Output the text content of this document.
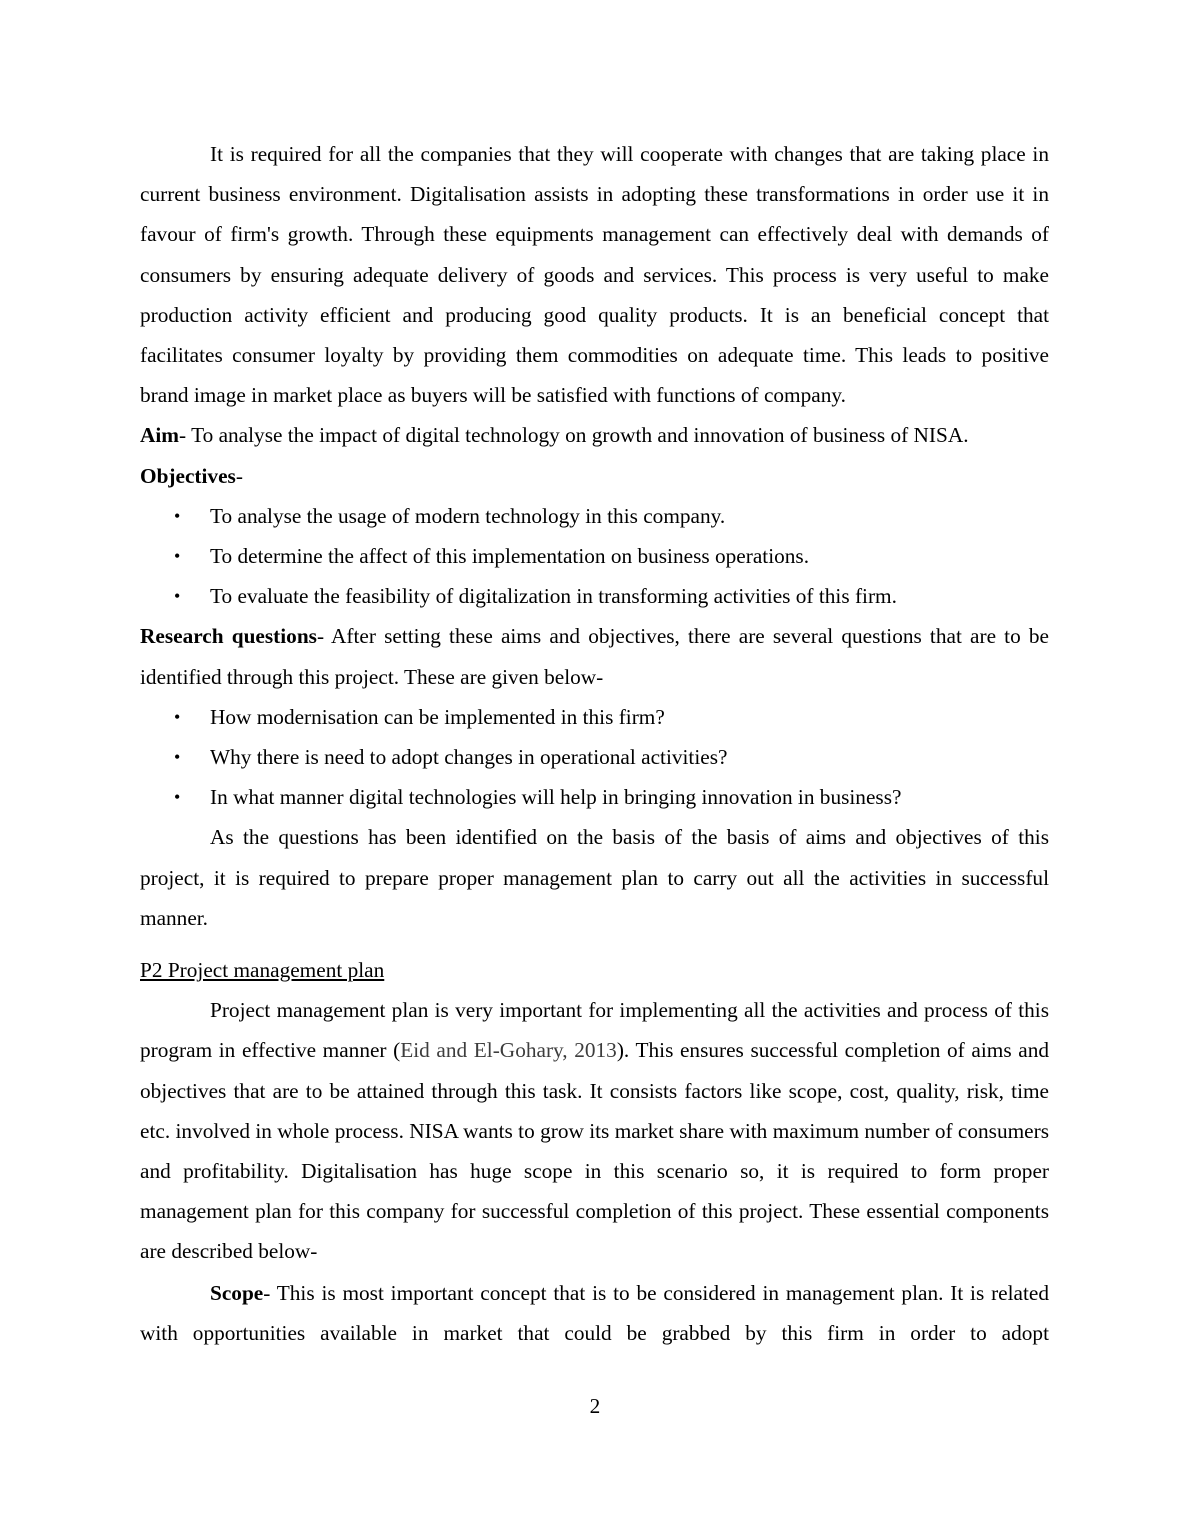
It is required for all the companies that they will cooperate with changes that are taking place in current business environment. Digitalisation assists in adopting these transformations in order use it in favour of firm's growth. Through these equipments management can effectively deal with demands of consumers by ensuring adequate delivery of goods and services. This process is very useful to make production activity efficient and producing good quality products. It is an beneficial concept that facilitates consumer loyalty by providing them commodities on adequate time. This leads to positive brand image in market place as buyers will be satisfied with functions of company.

Aim- To analyse the impact of digital technology on growth and innovation of business of NISA.

Objectives-

• To analyse the usage of modern technology in this company.
• To determine the affect of this implementation on business operations.
• To evaluate the feasibility of digitalization in transforming activities of this firm.

Research questions- After setting these aims and objectives, there are several questions that are to be identified through this project. These are given below-

• How modernisation can be implemented in this firm?
• Why there is need to adopt changes in operational activities?
• In what manner digital technologies will help in bringing innovation in business?

As the questions has been identified on the basis of the basis of aims and objectives of this project, it is required to prepare proper management plan to carry out all the activities in successful manner.

P2 Project management plan

Project management plan is very important for implementing all the activities and process of this program in effective manner (Eid and El-Gohary, 2013). This ensures successful completion of aims and objectives that are to be attained through this task. It consists factors like scope, cost, quality, risk, time etc. involved in whole process. NISA wants to grow its market share with maximum number of consumers and profitability. Digitalisation has huge scope in this scenario so, it is required to form proper management plan for this company for successful completion of this project. These essential components are described below-

Scope- This is most important concept that is to be considered in management plan. It is related with opportunities available in market that could be grabbed by this firm in order to adopt

2
